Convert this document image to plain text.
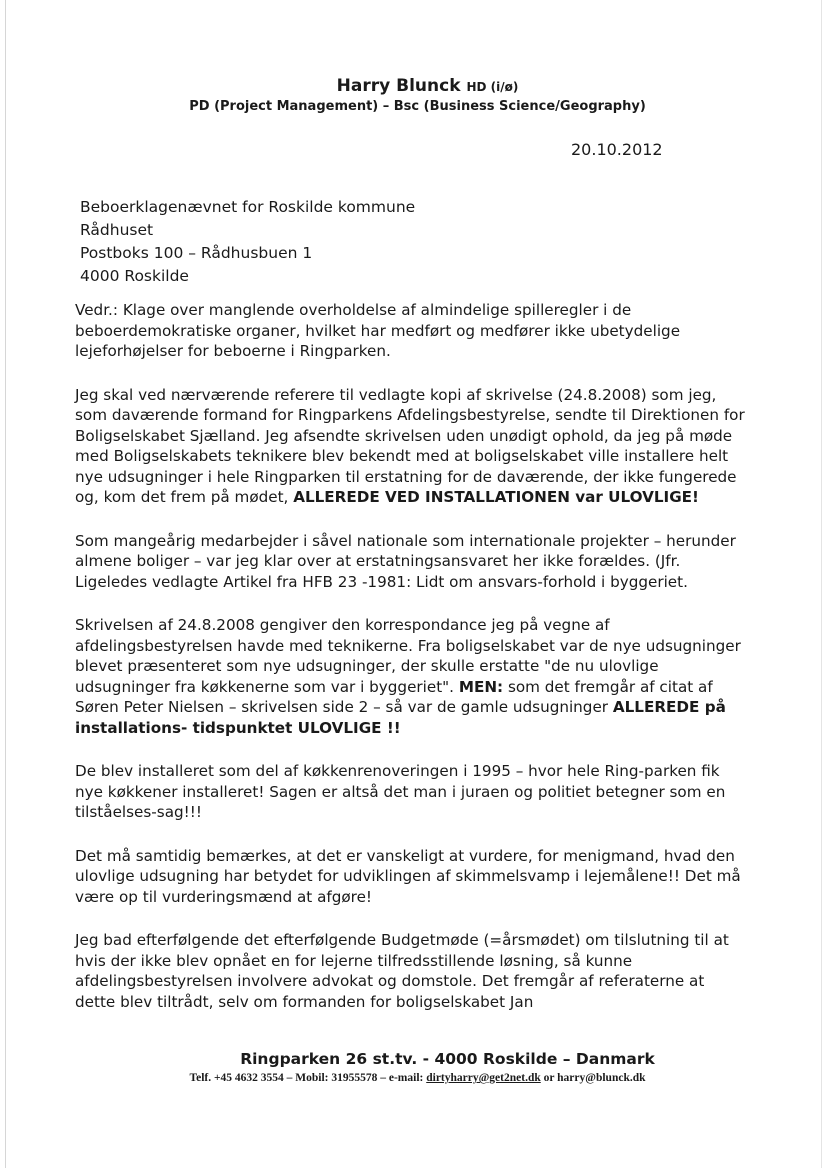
Harry Blunck HD (i/ø)
PD (Project Management) – Bsc (Business Science/Geography)
20.10.2012
Beboerklagenævnet for Roskilde kommune
Rådhuset
Postboks 100 – Rådhusbuen 1
4000 Roskilde

Vedr.: Klage over manglende overholdelse af almindelige spilleregler i de beboerdemokratiske organer, hvilket har medført og medfører ikke ubetydelige lejeforhøjelser for beboerne i Ringparken.

Jeg skal ved nærværende referere til vedlagte kopi af skrivelse (24.8.2008) som jeg, som daværende formand for Ringparkens Afdelingsbestyrelse, sendte til Direktionen for Boligselskabet Sjælland. Jeg afsendte skrivelsen uden unødigt ophold, da jeg på møde med Boligselskabets teknikere blev bekendt med at boligselskabet ville installere helt nye udsugninger i hele Ringparken til erstatning for de daværende, der ikke fungerede og, kom det frem på mødet, ALLEREDE VED INSTALLATIONEN var ULOVLIGE!

Som mangeårig medarbejder i såvel nationale som internationale projekter – herunder almene boliger – var jeg klar over at erstatningsansvaret her ikke forældes. (Jfr. Ligeledes vedlagte Artikel fra HFB 23 -1981: Lidt om ansvars-forhold i byggeriet.

Skrivelsen af 24.8.2008 gengiver den korrespondance jeg på vegne af afdelingsbestyrelsen havde med teknikerne. Fra boligselskabet var de nye udsugninger blevet præsenteret som nye udsugninger, der skulle erstatte "de nu ulovlige udsugninger fra køkkenerne som var i byggeriet". MEN: som det fremgår af citat af Søren Peter Nielsen – skrivelsen side 2 – så var de gamle udsugninger ALLEREDE på installations- tidspunktet ULOVLIGE !!

De blev installeret som del af køkkenrenoveringen i 1995 – hvor hele Ring-parken fik nye køkkener installeret! Sagen er altså det man i juraen og politiet betegner som en tilståelses-sag!!!

Det må samtidig bemærkes, at det er vanskeligt at vurdere, for menigmand, hvad den ulovlige udsugning har betydet for udviklingen af skimmelsvamp i lejemålene!! Det må være op til vurderingsmænd at afgøre!

Jeg bad efterfølgende det efterfølgende Budgetmøde (=årsmødet) om tilslutning til at hvis der ikke blev opnået en for lejerne tilfredsstillende løsning, så kunne afdelingsbestyrelsen involvere advokat og domstole. Det fremgår af referaterne at dette blev tiltrådt, selv om formanden for boligselskabet Jan

Ringparken 26 st.tv. - 4000 Roskilde – Danmark
Telf. +45 4632 3554 – Mobil: 31955578 – e-mail: dirtyharry@get2net.dk or harry@blunck.dk
